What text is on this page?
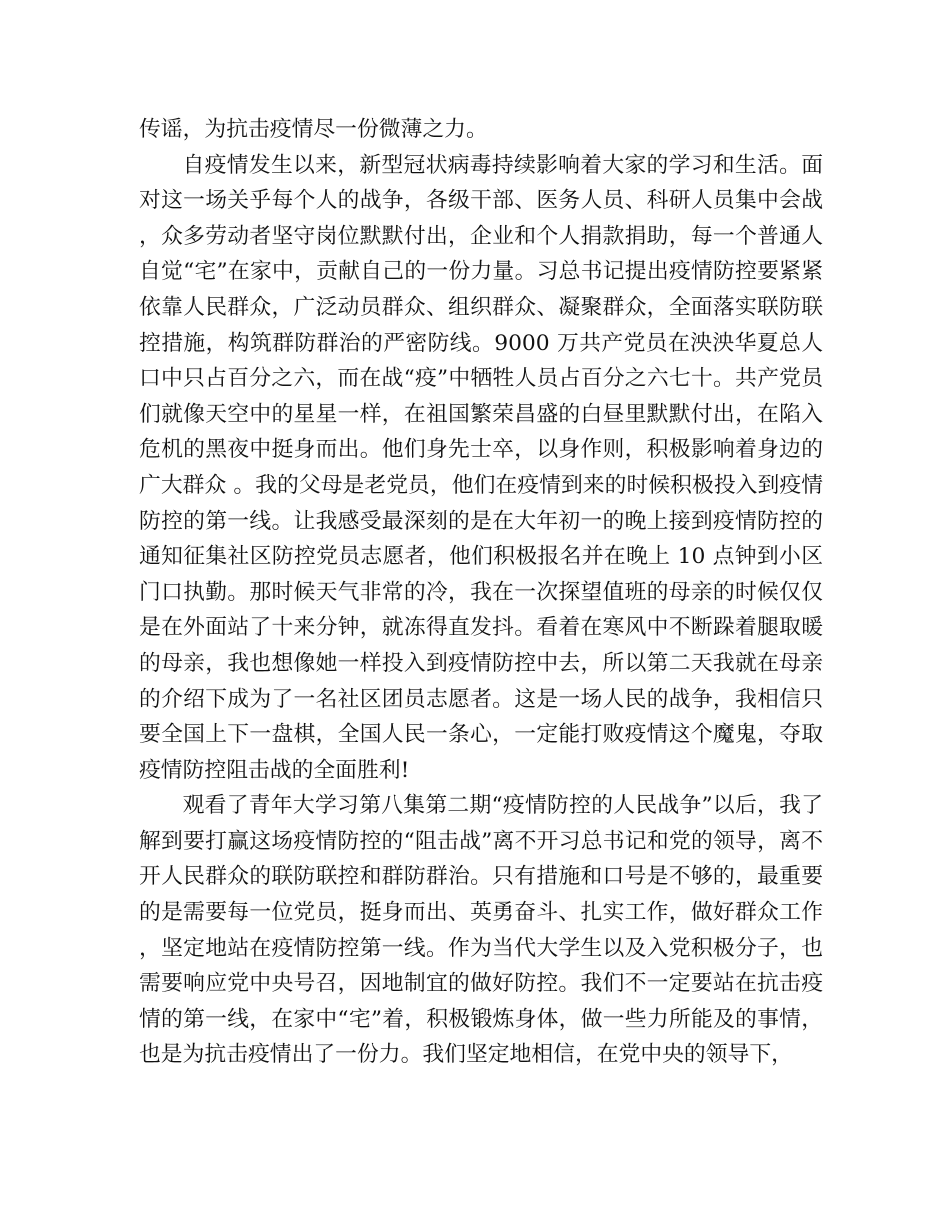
传谣，为抗击疫情尽一份微薄之力。

自疫情发生以来，新型冠状病毒持续影响着大家的学习和生活。面对这一场关乎每个人的战争，各级干部、医务人员、科研人员集中会战，众多劳动者坚守岗位默默付出，企业和个人捐款捐助，每一个普通人自觉“宅”在家中，贡献自己的一份力量。习总书记提出疫情防控要紧紧依靠人民群众，广泛动员群众、组织群众、凝聚群众，全面落实联防联控措施，构筑群防群治的严密防线。9000 万共产党员在泱泱华夏总人口中只占百分之六，而在战“疫”中牺牲人员占百分之六七十。共产党员们就像天空中的星星一样，在祖国繁荣昌盛的白昼里默默付出，在陷入危机的黑夜中挺身而出。他们身先士卒，以身作则，积极影响着身边的广大群众 。我的父母是老党员，他们在疫情到来的时候积极投入到疫情防控的第一线。让我感受最深刻的是在大年初一的晚上接到疫情防控的通知征集社区防控党员志愿者，他们积极报名并在晚上 10 点钟到小区门口执勤。那时候天气非常的冷，我在一次探望值班的母亲的时候仅仅是在外面站了十来分钟，就冻得直发抖。看着在寒风中不断跺着腿取暖的母亲，我也想像她一样投入到疫情防控中去，所以第二天我就在母亲的介绍下成为了一名社区团员志愿者。这是一场人民的战争，我相信只要全国上下一盘棋，全国人民一条心，一定能打败疫情这个魔鬼，夺取疫情防控阻击战的全面胜利!

观看了青年大学习第八集第二期“疫情防控的人民战争”以后，我了解到要打赢这场疫情防控的“阻击战”离不开习总书记和党的领导，离不开人民群众的联防联控和群防群治。只有措施和口号是不够的，最重要的是需要每一位党员，挺身而出、英勇奋斗、扎实工作，做好群众工作，坚定地站在疫情防控第一线。作为当代大学生以及入党积极分子，也需要响应党中央号召，因地制宜的做好防控。我们不一定要站在抗击疫情的第一线，在家中“宅”着，积极锻炼身体，做一些力所能及的事情，也是为抗击疫情出了一份力。我们坚定地相信，在党中央的领导下，
